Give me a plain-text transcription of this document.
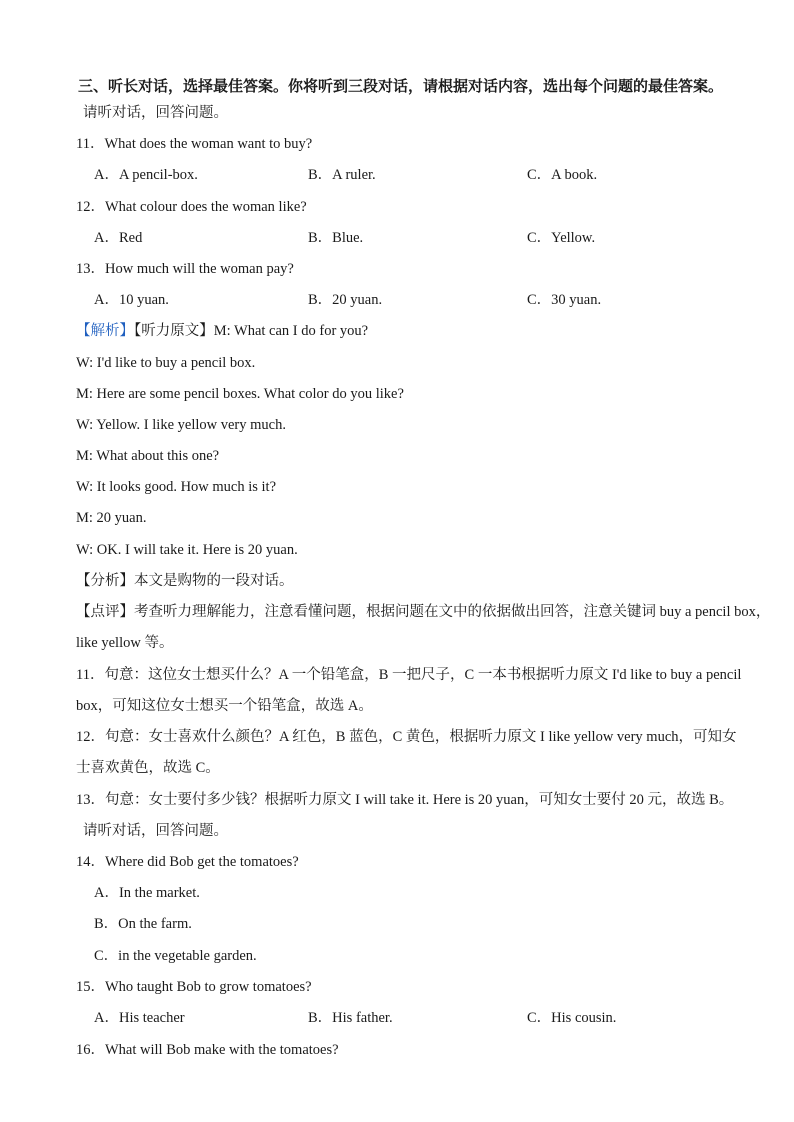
三、听长对话，选择最佳答案。你将听到三段对话，请根据对话内容，选出每个问题的最佳答案。
请听对话，回答问题。
11．What does the woman want to buy?
A．A pencil-box.	B．A ruler.	C．A book.
12．What colour does the woman like?
A．Red	B．Blue.	C．Yellow.
13．How much will the woman pay?
A．10 yuan.	B．20 yuan.	C．30 yuan.
【解析】【听力原文】M: What can I do for you?
W: I'd like to buy a pencil box.
M: Here are some pencil boxes. What color do you like?
W: Yellow. I like yellow very much.
M: What about this one?
W: It looks good. How much is it?
M: 20 yuan.
W: OK. I will take it. Here is 20 yuan.
【分析】本文是购物的一段对话。
【点评】考查听力理解能力，注意看懂问题，根据问题在文中的依据做出回答，注意关键词 buy a pencil box，
like yellow 等。
11．句意：这位女士想买什么？A 一个铅笔盒，B 一把尺子，C 一本书根据听力原文 I'd like to buy a pencil
box，可知这位女士想买一个铅笔盒，故选 A。
12．句意：女士喜欢什么颜色？A 红色，B 蓝色，C 黄色，根据听力原文 I like yellow very much，可知女
士喜欢黄色，故选 C。
13．句意：女士要付多少钱？根据听力原文 I will take it. Here is 20 yuan，可知女士要付 20 元，故选 B。
请听对话，回答问题。
14．Where did Bob get the tomatoes?
A．In the market.
B．On the farm.
C．in the vegetable garden.
15．Who taught Bob to grow tomatoes?
A．His teacher	B．His father.	C．His cousin.
16．What will Bob make with the tomatoes?
